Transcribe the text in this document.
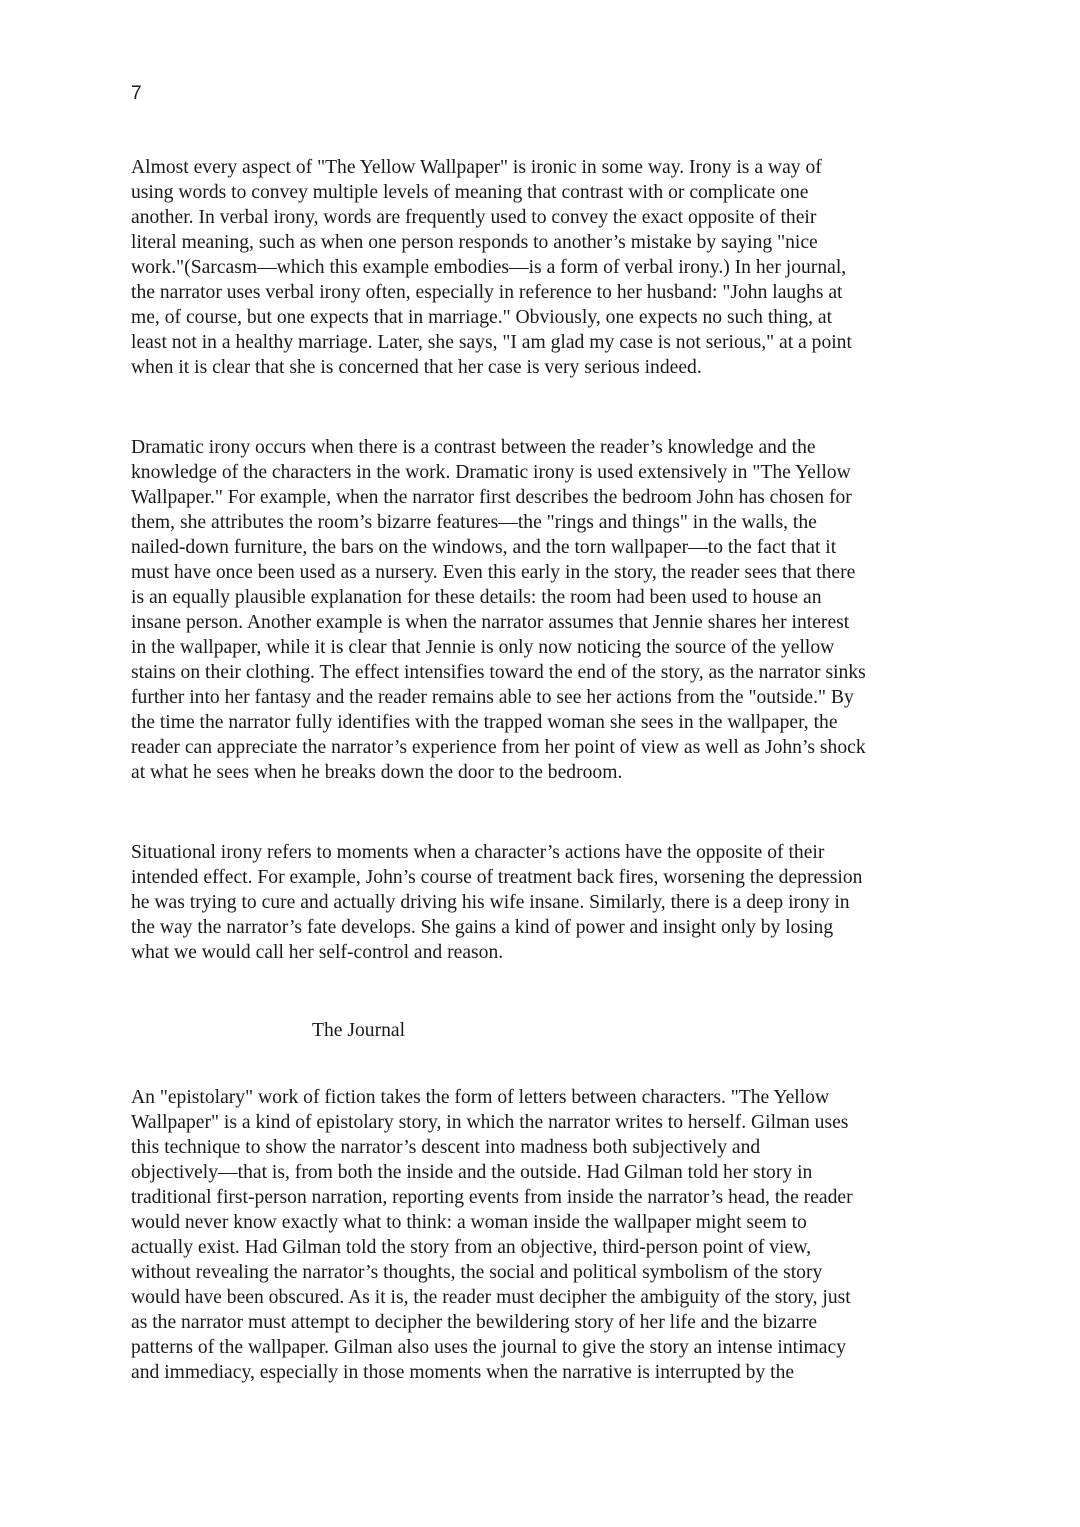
7

Almost every aspect of "The Yellow Wallpaper" is ironic in some way. Irony is a way of
using words to convey multiple levels of meaning that contrast with or complicate one
another. In verbal irony, words are frequently used to convey the exact opposite of their
literal meaning, such as when one person responds to another’s mistake by saying "nice
work."(Sarcasm—which this example embodies—is a form of verbal irony.) In her journal,
the narrator uses verbal irony often, especially in reference to her husband: "John laughs at
me, of course, but one expects that in marriage." Obviously, one expects no such thing, at
least not in a healthy marriage. Later, she says, "I am glad my case is not serious," at a point
when it is clear that she is concerned that her case is very serious indeed.

Dramatic irony occurs when there is a contrast between the reader’s knowledge and the
knowledge of the characters in the work. Dramatic irony is used extensively in "The Yellow
Wallpaper." For example, when the narrator first describes the bedroom John has chosen for
them, she attributes the room’s bizarre features—the "rings and things" in the walls, the
nailed-down furniture, the bars on the windows, and the torn wallpaper—to the fact that it
must have once been used as a nursery. Even this early in the story, the reader sees that there
is an equally plausible explanation for these details: the room had been used to house an
insane person. Another example is when the narrator assumes that Jennie shares her interest
in the wallpaper, while it is clear that Jennie is only now noticing the source of the yellow
stains on their clothing. The effect intensifies toward the end of the story, as the narrator sinks
further into her fantasy and the reader remains able to see her actions from the "outside." By
the time the narrator fully identifies with the trapped woman she sees in the wallpaper, the
reader can appreciate the narrator’s experience from her point of view as well as John’s shock
at what he sees when he breaks down the door to the bedroom.

Situational irony refers to moments when a character’s actions have the opposite of their
intended effect. For example, John’s course of treatment back fires, worsening the depression
he was trying to cure and actually driving his wife insane. Similarly, there is a deep irony in
the way the narrator’s fate develops. She gains a kind of power and insight only by losing
what we would call her self-control and reason.

The Journal

An "epistolary" work of fiction takes the form of letters between characters. "The Yellow
Wallpaper" is a kind of epistolary story, in which the narrator writes to herself. Gilman uses
this technique to show the narrator’s descent into madness both subjectively and
objectively—that is, from both the inside and the outside. Had Gilman told her story in
traditional first-person narration, reporting events from inside the narrator’s head, the reader
would never know exactly what to think: a woman inside the wallpaper might seem to
actually exist. Had Gilman told the story from an objective, third-person point of view,
without revealing the narrator’s thoughts, the social and political symbolism of the story
would have been obscured. As it is, the reader must decipher the ambiguity of the story, just
as the narrator must attempt to decipher the bewildering story of her life and the bizarre
patterns of the wallpaper. Gilman also uses the journal to give the story an intense intimacy
and immediacy, especially in those moments when the narrative is interrupted by the
